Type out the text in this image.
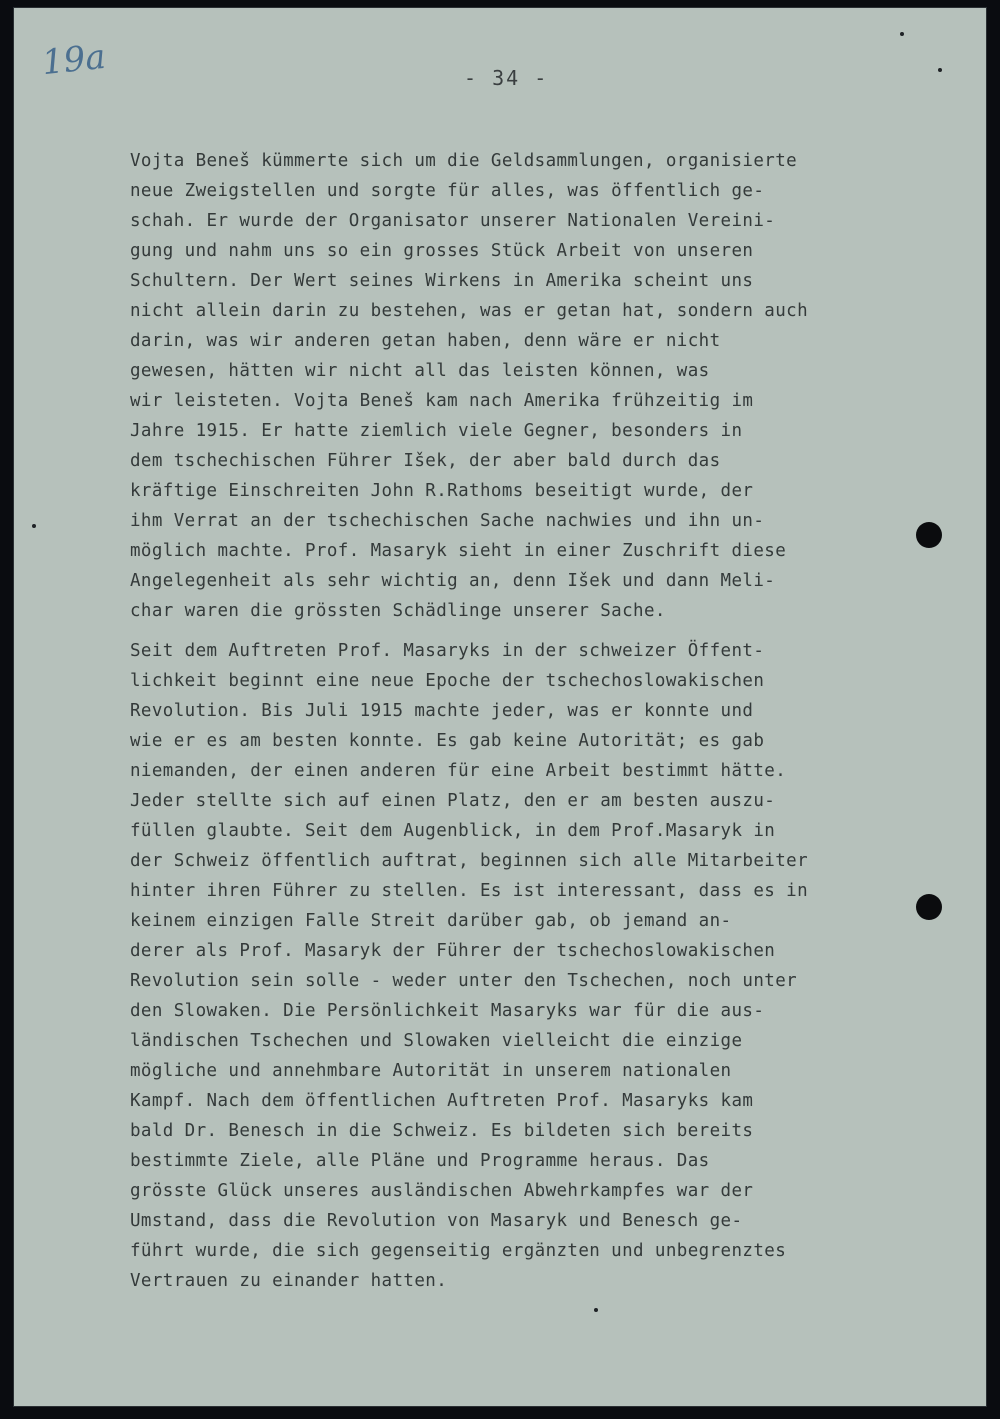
19a	- 34 -
Vojta Beneš kümmerte sich um die Geldsammlungen, organisierte
neue Zweigstellen und sorgte für alles, was öffentlich ge-
schah. Er wurde der Organisator unserer Nationalen Vereini-
gung und nahm uns so ein grosses Stück Arbeit von unseren
Schultern. Der Wert seines Wirkens in Amerika scheint uns
nicht allein darin zu bestehen, was er getan hat, sondern auch
darin, was wir anderen getan haben, denn wäre er nicht
gewesen, hätten wir nicht all das leisten können, was
wir leisteten. Vojta Beneš kam nach Amerika frühzeitig im
Jahre 1915. Er hatte ziemlich viele Gegner, besonders in
dem tschechischen Führer Išek, der aber bald durch das
kräftige Einschreiten John R.Rathoms beseitigt wurde, der
ihm Verrat an der tschechischen Sache nachwies und ihn un-
möglich machte. Prof. Masaryk sieht in einer Zuschrift diese
Angelegenheit als sehr wichtig an, denn Išek und dann Meli-
char waren die grössten Schädlinge unserer Sache.
Seit dem Auftreten Prof. Masaryks in der schweizer Öffent-
lichkeit beginnt eine neue Epoche der tschechoslowakischen
Revolution. Bis Juli 1915 machte jeder, was er konnte und
wie er es am besten konnte. Es gab keine Autorität; es gab
niemanden, der einen anderen für eine Arbeit bestimmt hätte.
Jeder stellte sich auf einen Platz, den er am besten auszu-
füllen glaubte. Seit dem Augenblick, in dem Prof.Masaryk in
der Schweiz öffentlich auftrat, beginnen sich alle Mitarbeiter
hinter ihren Führer zu stellen. Es ist interessant, dass es in
keinem einzigen Falle Streit darüber gab, ob jemand an-
derer als Prof. Masaryk der Führer der tschechoslowakischen
Revolution sein solle - weder unter den Tschechen, noch unter
den Slowaken. Die Persönlichkeit Masaryks war für die aus-
ländischen Tschechen und Slowaken vielleicht die einzige
mögliche und annehmbare Autorität in unserem nationalen
Kampf. Nach dem öffentlichen Auftreten Prof. Masaryks kam
bald Dr. Benesch in die Schweiz. Es bildeten sich bereits
bestimmte Ziele, alle Pläne und Programme heraus. Das
grösste Glück unseres ausländischen Abwehrkampfes war der
Umstand, dass die Revolution von Masaryk und Benesch ge-
führt wurde, die sich gegenseitig ergänzten und unbegrenztes
Vertrauen zu einander hatten.
